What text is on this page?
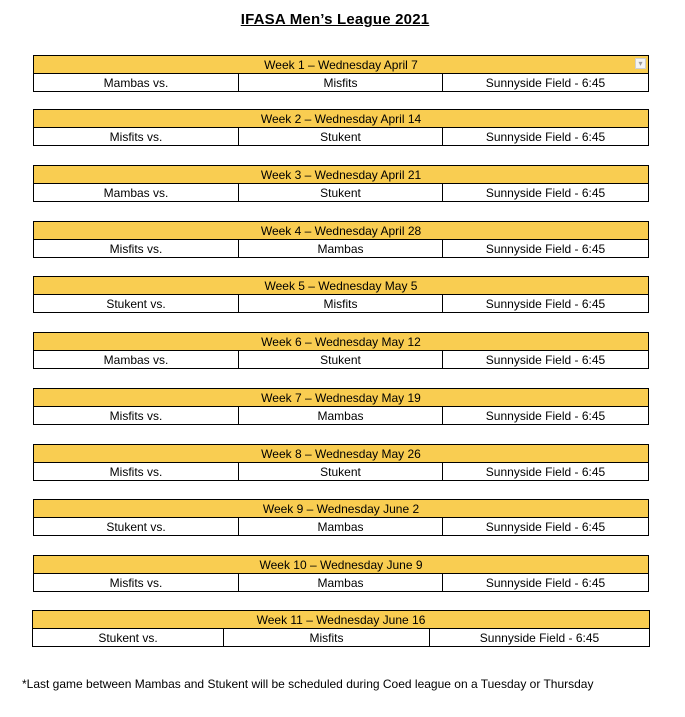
IFASA Men’s League 2021
Week 1 – Wednesday April 7	▾

Mambas vs.	Misfits	Sunnyside Field - 6:45
Week 2 – Wednesday April 14
Misfits vs.	Stukent	Sunnyside Field - 6:45
Week 3 – Wednesday April 21
Mambas vs.	Stukent	Sunnyside Field - 6:45
Week 4 – Wednesday April 28
Misfits vs.	Mambas	Sunnyside Field - 6:45
Week 5 – Wednesday May 5
Stukent vs.	Misfits	Sunnyside Field - 6:45
Week 6 – Wednesday May 12
Mambas vs.	Stukent	Sunnyside Field - 6:45
Week 7 – Wednesday May 19
Misfits vs.	Mambas	Sunnyside Field - 6:45
Week 8 – Wednesday May 26
Misfits vs.	Stukent	Sunnyside Field - 6:45
Week 9 – Wednesday June 2
Stukent vs.	Mambas	Sunnyside Field - 6:45
Week 10 – Wednesday June 9
Misfits vs.	Mambas	Sunnyside Field - 6:45
Week 11 – Wednesday June 16
Stukent vs.	Misfits	Sunnyside Field - 6:45
*Last game between Mambas and Stukent will be scheduled during Coed league on a Tuesday or Thursday
